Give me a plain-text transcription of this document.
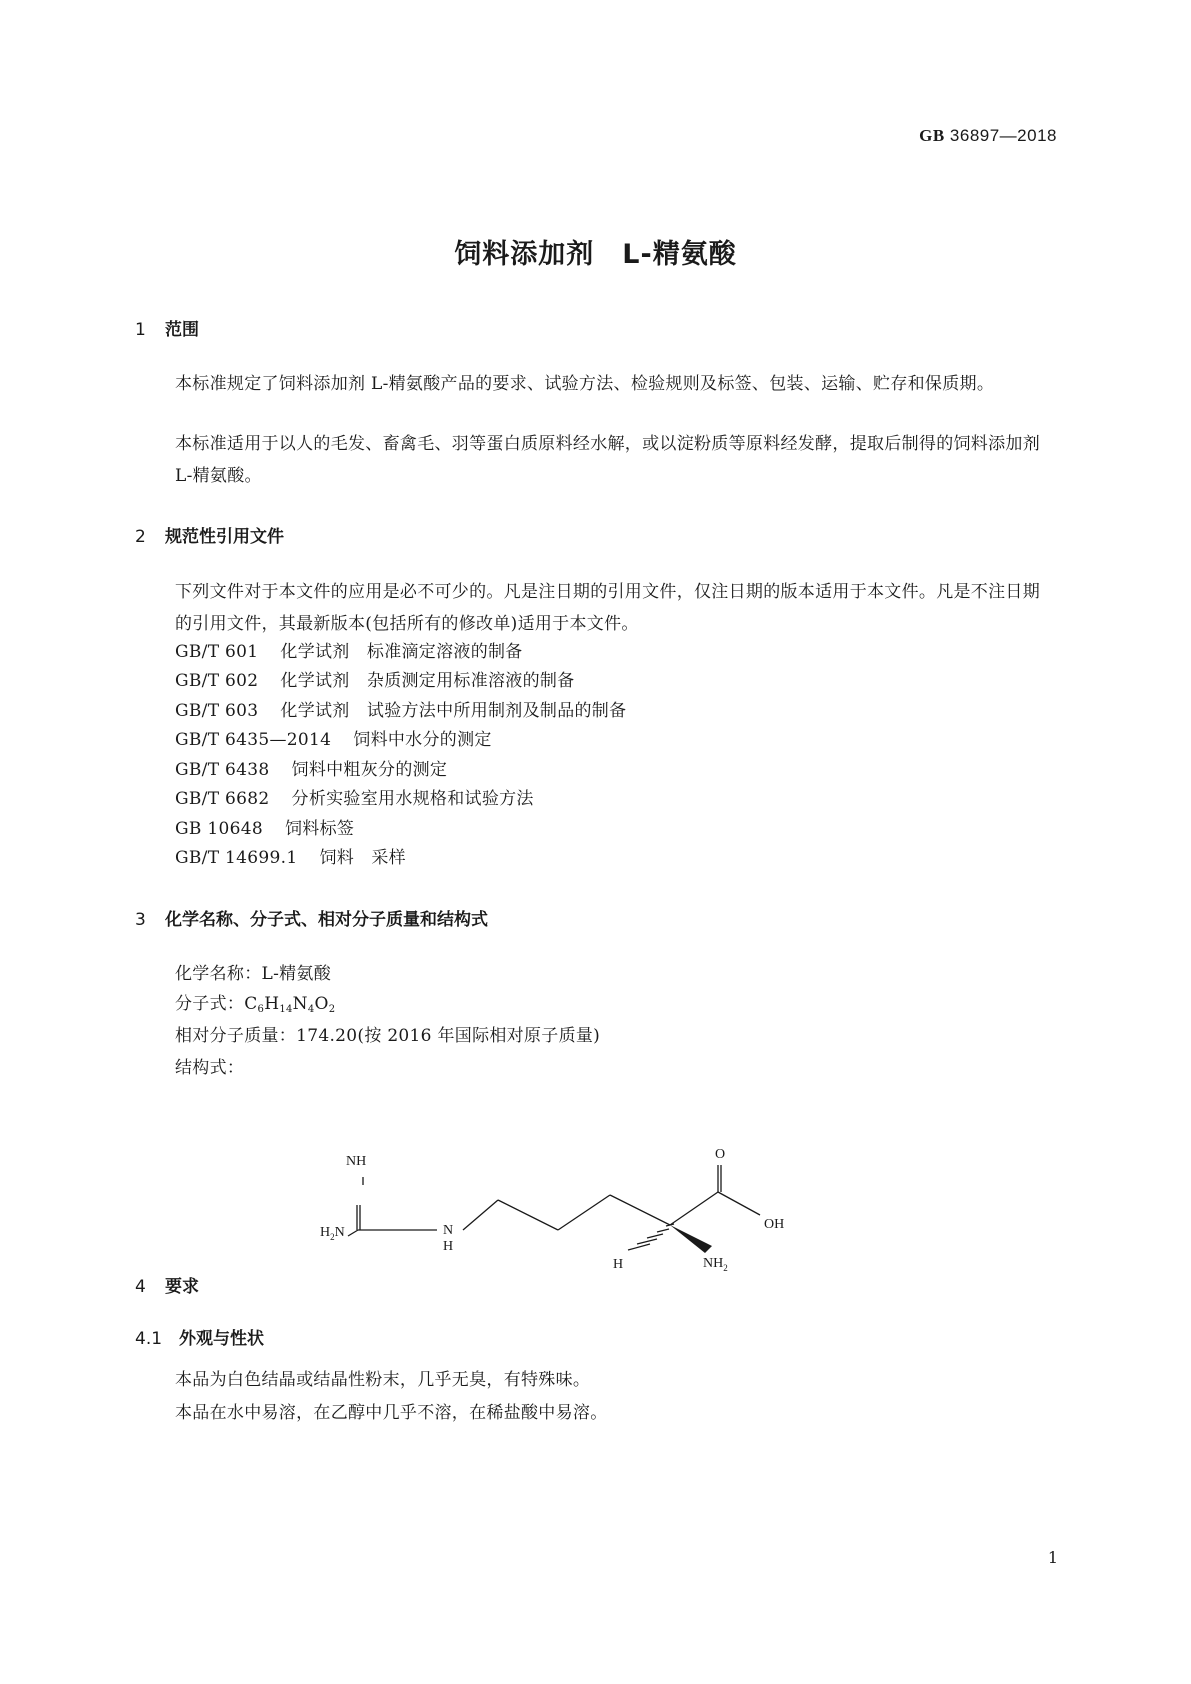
GB 36897—2018
饲料添加剂　L-精氨酸
1 范围
本标准规定了饲料添加剂 L-精氨酸产品的要求、试验方法、检验规则及标签、包装、运输、贮存和保质期。
本标准适用于以人的毛发、畜禽毛、羽等蛋白质原料经水解，或以淀粉质等原料经发酵，提取后制得的饲料添加剂 L-精氨酸。
2 规范性引用文件
下列文件对于本文件的应用是必不可少的。凡是注日期的引用文件，仅注日期的版本适用于本文件。凡是不注日期的引用文件，其最新版本(包括所有的修改单)适用于本文件。
GB/T 601 化学试剂　标准滴定溶液的制备
GB/T 602 化学试剂　杂质测定用标准溶液的制备
GB/T 603 化学试剂　试验方法中所用制剂及制品的制备
GB/T 6435—2014 饲料中水分的测定
GB/T 6438 饲料中粗灰分的测定
GB/T 6682 分析实验室用水规格和试验方法
GB 10648 饲料标签
GB/T 14699.1 饲料　采样
3 化学名称、分子式、相对分子质量和结构式
化学名称：L-精氨酸
分子式：$C_6H_{14}N_4O_2$
相对分子质量：174.20(按 2016 年国际相对原子质量)
结构式：
NH
$H_2N$	N
H
O
OH
H	$NH_2$
4 要求
4.1 外观与性状
本品为白色结晶或结晶性粉末，几乎无臭，有特殊味。
本品在水中易溶，在乙醇中几乎不溶，在稀盐酸中易溶。
1
